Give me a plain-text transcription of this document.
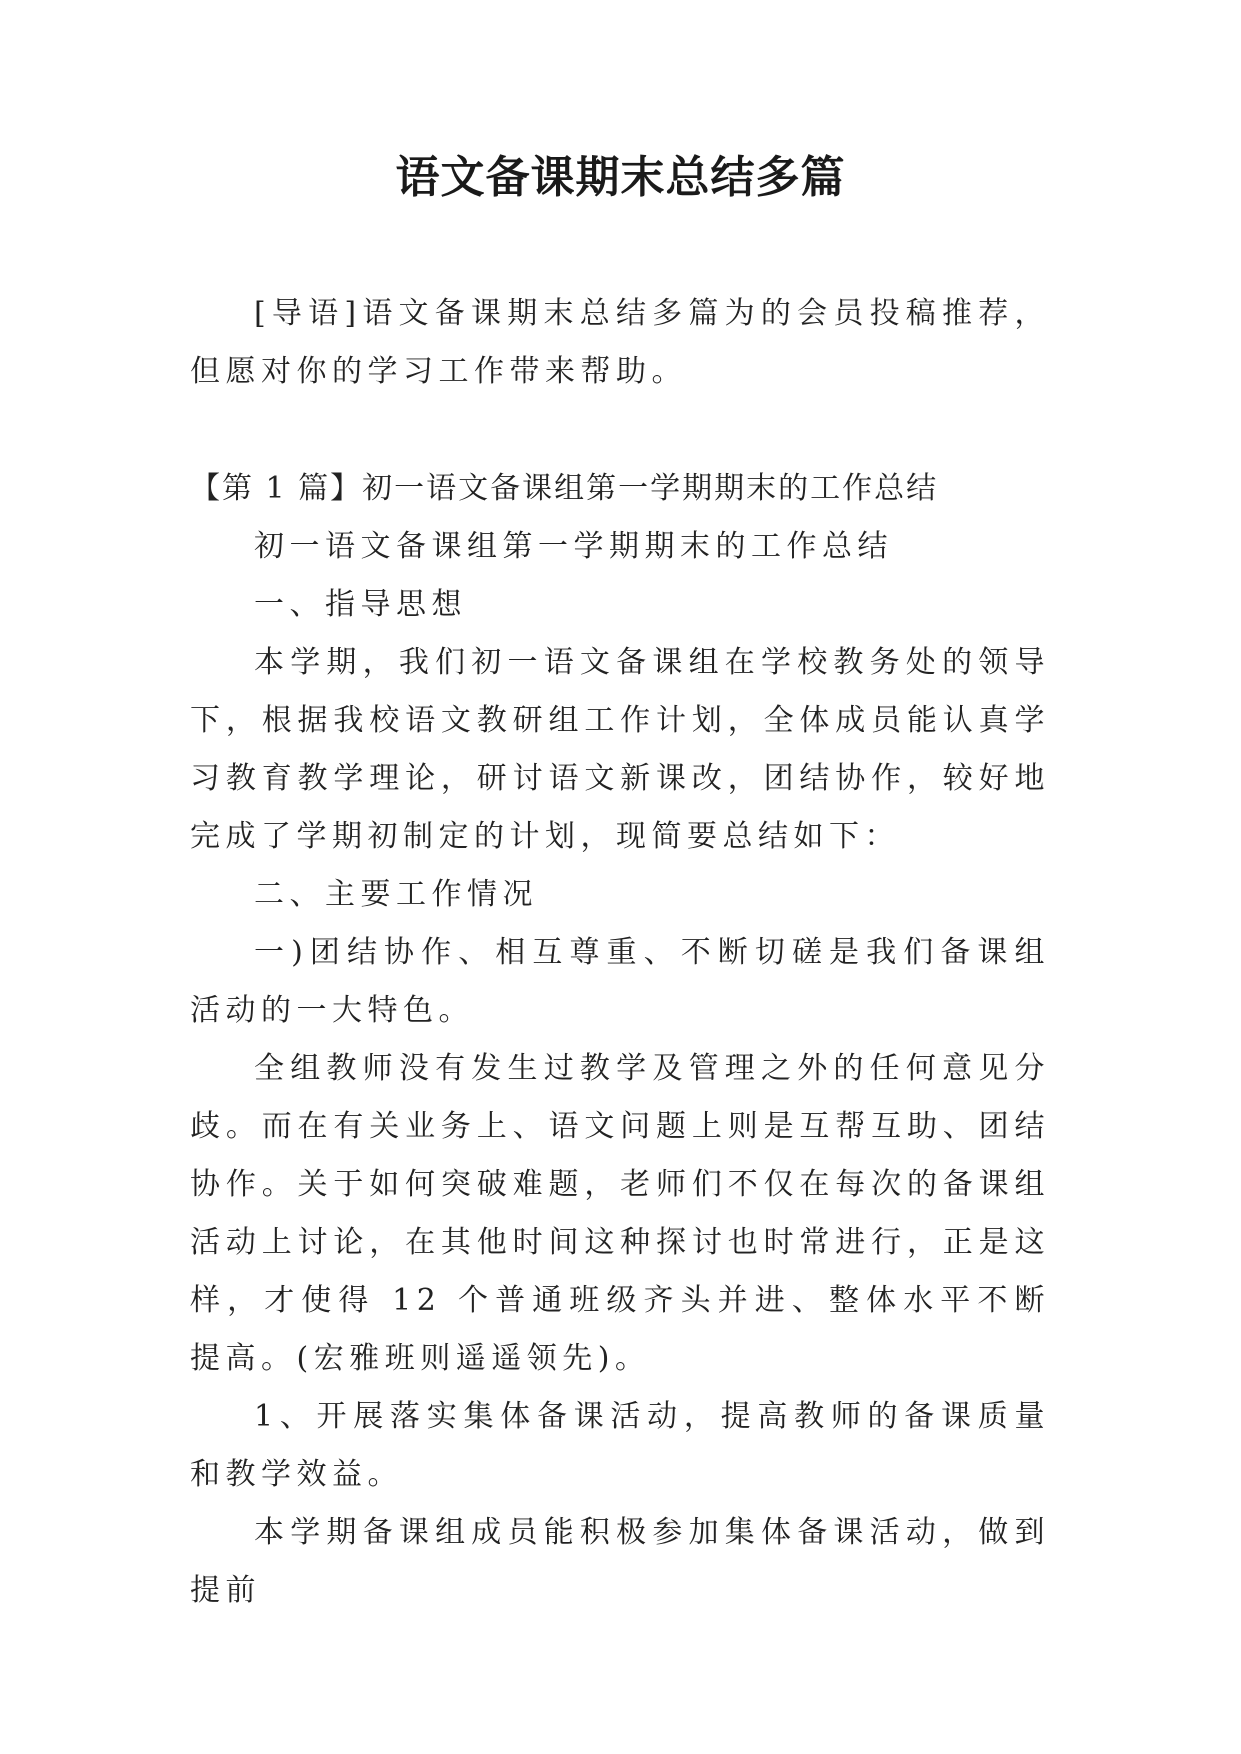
语文备课期末总结多篇

[导语]语文备课期末总结多篇为的会员投稿推荐，但愿对你的学习工作带来帮助。

【第 1 篇】初一语文备课组第一学期期末的工作总结

初一语文备课组第一学期期末的工作总结

一、指导思想

本学期，我们初一语文备课组在学校教务处的领导下，根据我校语文教研组工作计划，全体成员能认真学习教育教学理论，研讨语文新课改，团结协作，较好地完成了学期初制定的计划，现简要总结如下：

二、主要工作情况

一)团结协作、相互尊重、不断切磋是我们备课组活动的一大特色。

全组教师没有发生过教学及管理之外的任何意见分歧。而在有关业务上、语文问题上则是互帮互助、团结协作。关于如何突破难题，老师们不仅在每次的备课组活动上讨论，在其他时间这种探讨也时常进行，正是这样，才使得 12 个普通班级齐头并进、整体水平不断提高。(宏雅班则遥遥领先)。

1、开展落实集体备课活动，提高教师的备课质量和教学效益。

本学期备课组成员能积极参加集体备课活动，做到提前
